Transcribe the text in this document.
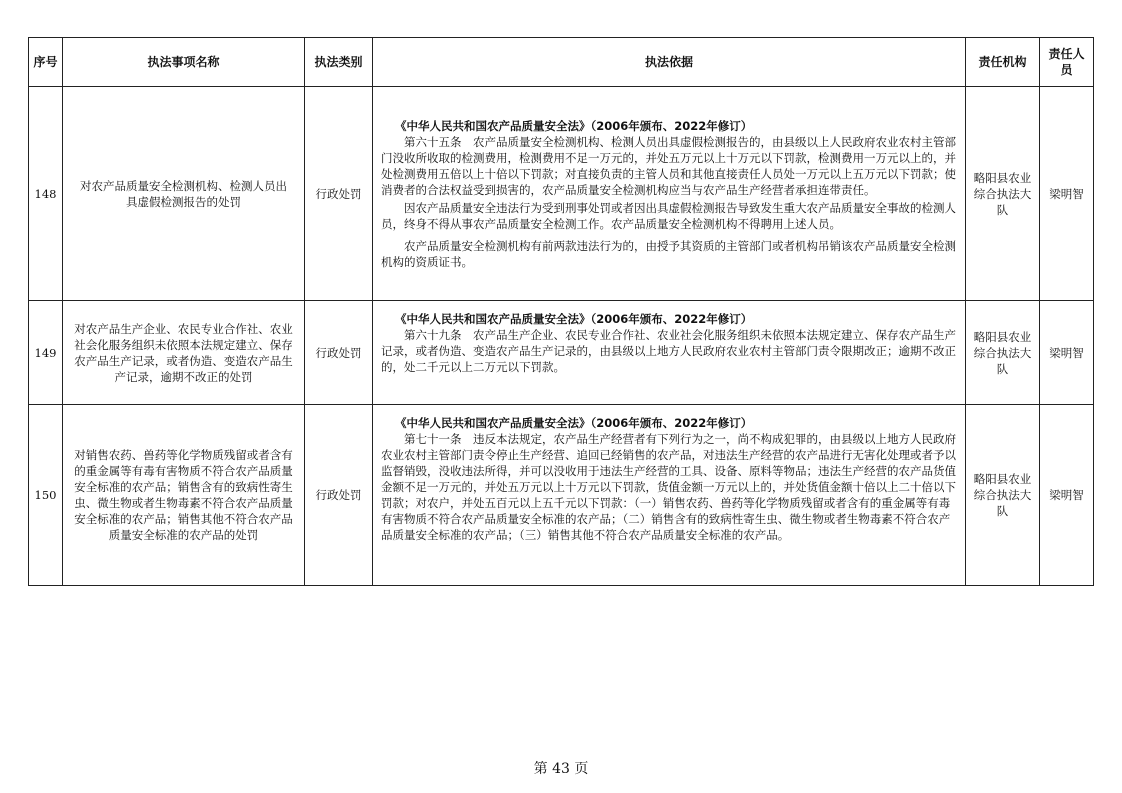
序号	执法事项名称	执法类别	执法依据	责任机构	责任人员
148	对农产品质量安全检测机构、检测人员出具虚假检测报告的处罚	行政处罚	《中华人民共和国农产品质量安全法》（2006年颁布、2022年修订）

第六十五条　农产品质量安全检测机构、检测人员出具虚假检测报告的，由县级以上人民政府农业农村主管部门没收所收取的检测费用，检测费用不足一万元的，并处五万元以上十万元以下罚款，检测费用一万元以上的，并处检测费用五倍以上十倍以下罚款；对直接负责的主管人员和其他直接责任人员处一万元以上五万元以下罚款；使消费者的合法权益受到损害的，农产品质量安全检测机构应当与农产品生产经营者承担连带责任。

因农产品质量安全违法行为受到刑事处罚或者因出具虚假检测报告导致发生重大农产品质量安全事故的检测人员，终身不得从事农产品质量安全检测工作。农产品质量安全检测机构不得聘用上述人员。

农产品质量安全检测机构有前两款违法行为的，由授予其资质的主管部门或者机构吊销该农产品质量安全检测机构的资质证书。	略阳县农业综合执法大队	梁明智
149	对农产品生产企业、农民专业合作社、农业社会化服务组织未依照本法规定建立、保存农产品生产记录，或者伪造、变造农产品生产记录，逾期不改正的处罚	行政处罚	《中华人民共和国农产品质量安全法》（2006年颁布、2022年修订）

第六十九条　农产品生产企业、农民专业合作社、农业社会化服务组织未依照本法规定建立、保存农产品生产记录，或者伪造、变造农产品生产记录的，由县级以上地方人民政府农业农村主管部门责令限期改正；逾期不改正的，处二千元以上二万元以下罚款。	略阳县农业综合执法大队	梁明智
150	对销售农药、兽药等化学物质残留或者含有的重金属等有毒有害物质不符合农产品质量安全标准的农产品；销售含有的致病性寄生虫、微生物或者生物毒素不符合农产品质量安全标准的农产品；销售其他不符合农产品质量安全标准的农产品的处罚	行政处罚	《中华人民共和国农产品质量安全法》（2006年颁布、2022年修订）

第七十一条　违反本法规定，农产品生产经营者有下列行为之一，尚不构成犯罪的，由县级以上地方人民政府农业农村主管部门责令停止生产经营、追回已经销售的农产品，对违法生产经营的农产品进行无害化处理或者予以监督销毁，没收违法所得，并可以没收用于违法生产经营的工具、设备、原料等物品；违法生产经营的农产品货值金额不足一万元的，并处五万元以上十万元以下罚款，货值金额一万元以上的，并处货值金额十倍以上二十倍以下罚款；对农户，并处五百元以上五千元以下罚款：（一）销售农药、兽药等化学物质残留或者含有的重金属等有毒有害物质不符合农产品质量安全标准的农产品；（二）销售含有的致病性寄生虫、微生物或者生物毒素不符合农产品质量安全标准的农产品；（三）销售其他不符合农产品质量安全标准的农产品。	略阳县农业综合执法大队	梁明智
第 43 页
